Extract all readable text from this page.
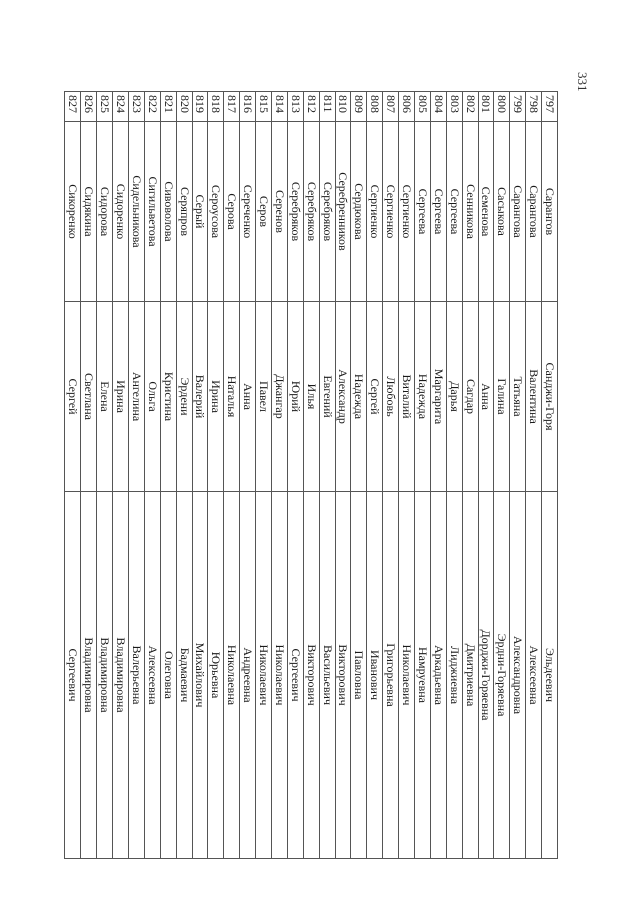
331
797	Сарангов	Санджи-Горя	Эльдеевич
798	Сарангова	Валентина	Алексеевна
799	Сарангова	Татьяна	Александровна
800	Сасыкова	Галина	Эрдни-Горяевна
801	Семенова	Анна	Дорджи-Горяевна
802	Сенникова	Сагдар	Дмитриевна
803	Сергеева	Дарья	Лиджиевна
804	Сергеева	Маргарита	Аркадьевна
805	Сергеева	Надежда	Намруевна
806	Сергиенко	Виталий	Николаевич
807	Сергиенко	Любовь	Григорьевна
808	Сергиенко	Сергей	Иванович
809	Сердюкова	Надежда	Павловна
810	Серебренников	Александр	Викторович
811	Серебряков	Евгений	Васильевич
812	Серебряков	Илья	Викторович
813	Серебряков	Юрий	Сергеевич
814	Серенов	Джангар	Николаевич
815	Серов	Павел	Николаевич
816	Сереченко	Анна	Андреевна
817	Серова	Наталья	Николаевна
818	Сероусова	Ирина	Юрьевна
819	Серый	Валерий	Михайлович
820	Серяпров	Эрдени	Бадмаевич
821	Сивоволова	Кристина	Олеговна
822	Сигильветова	Ольга	Алексеевна
823	Сидельникова	Ангелина	Валерьевна
824	Сидоренко	Ирина	Владимировна
825	Сидорова	Елена	Владимировна
826	Сидякина	Светлана	Владимировна
827	Сикоренко	Сергей	Сергеевич
